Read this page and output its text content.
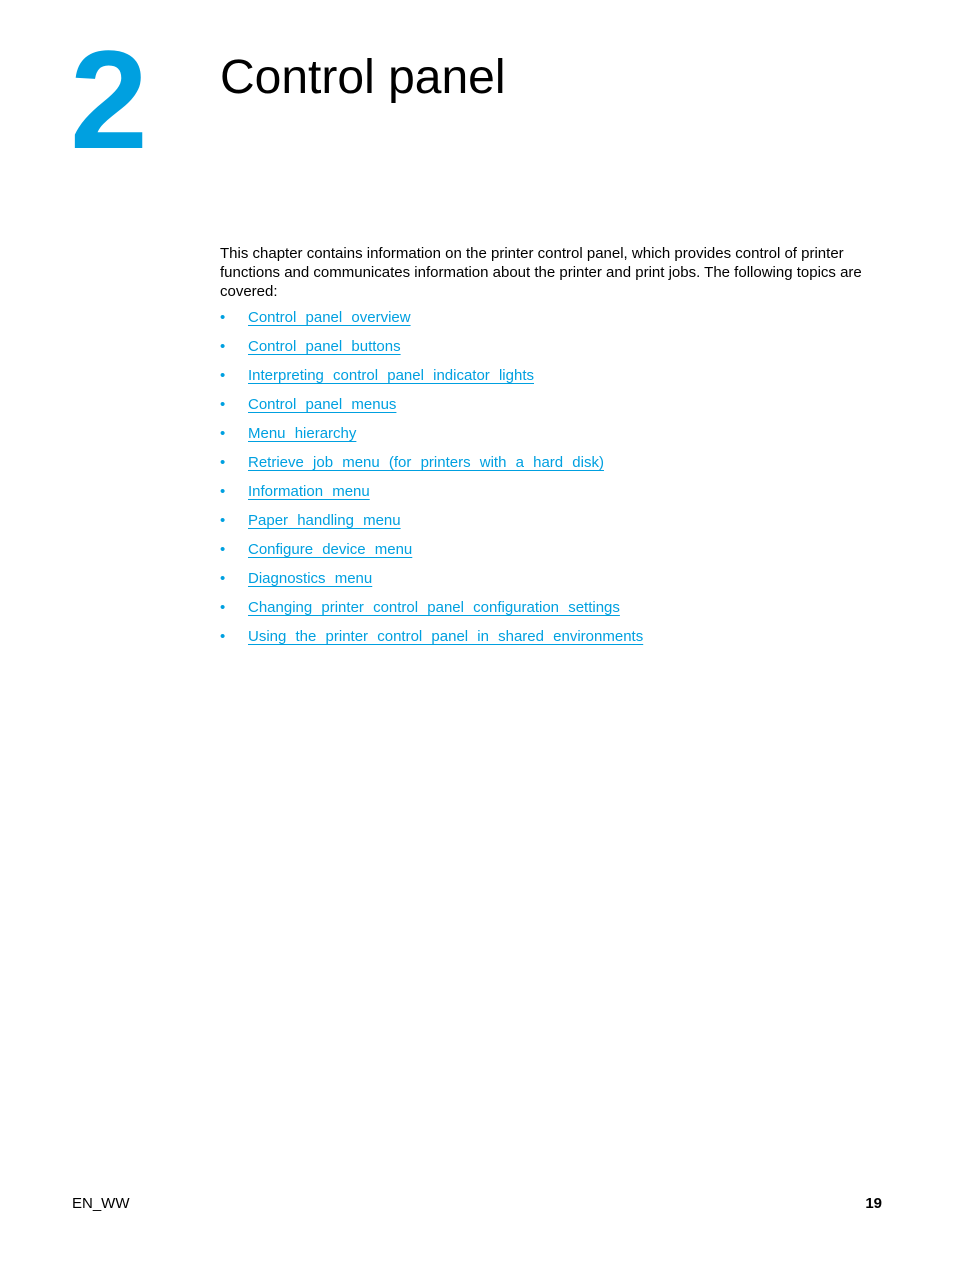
2 Control panel

This chapter contains information on the printer control panel, which provides control of printer functions and communicates information about the printer and print jobs. The following topics are covered:

•	Control panel overview
•	Control panel buttons
•	Interpreting control panel indicator lights
•	Control panel menus
•	Menu hierarchy
•	Retrieve job menu (for printers with a hard disk)
•	Information menu
•	Paper handling menu
•	Configure device menu
•	Diagnostics menu
•	Changing printer control panel configuration settings
•	Using the printer control panel in shared environments
EN_WW	19
